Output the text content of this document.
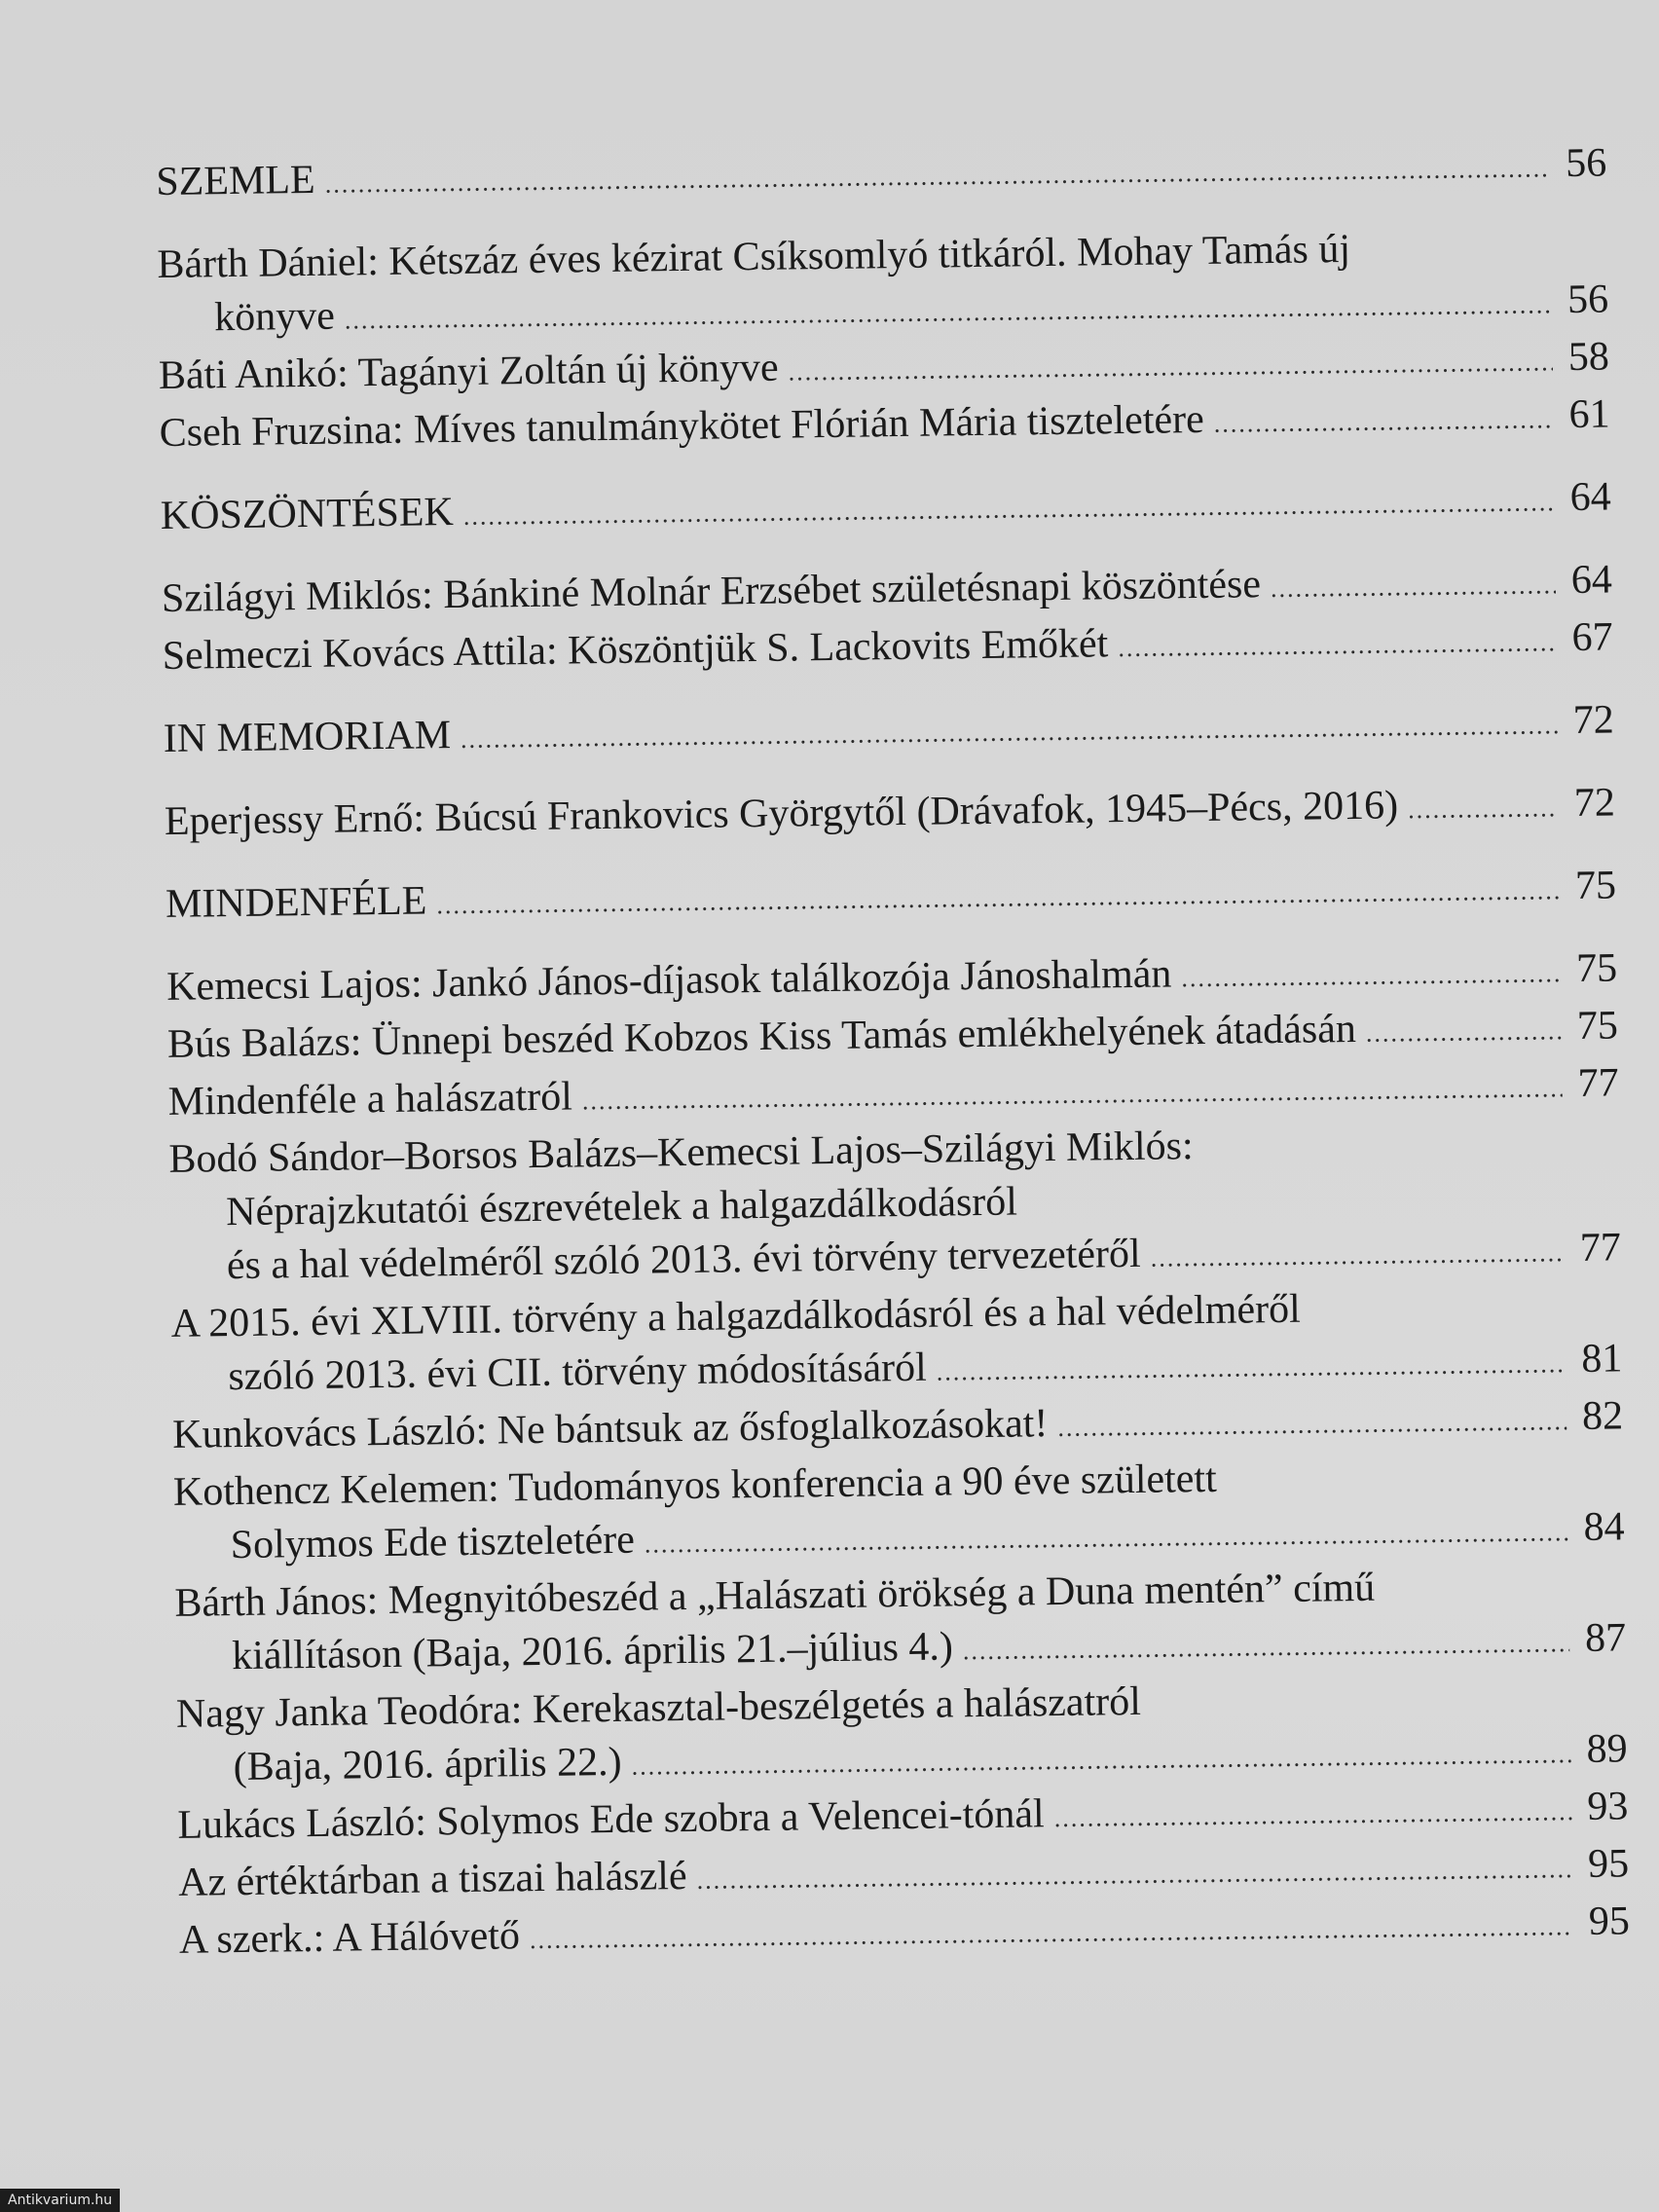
SZEMLE .....	56
Bárth Dániel: Kétszáz éves kézirat Csíksomlyó titkáról. Mohay Tamás új
könyve .....	56
Báti Anikó: Tagányi Zoltán új könyve .....	58
Cseh Fruzsina: Míves tanulmánykötet Flórián Mária tiszteletére .....	61
KÖSZÖNTÉSEK .....	64
Szilágyi Miklós: Bánkiné Molnár Erzsébet születésnapi köszöntése .....	64
Selmeczi Kovács Attila: Köszöntjük S. Lackovits Emőkét .....	67
IN MEMORIAM .....	72
Eperjessy Ernő: Búcsú Frankovics Györgytől (Drávafok, 1945–Pécs, 2016) .....	72
MINDENFÉLE .....	75
Kemecsi Lajos: Jankó János-díjasok találkozója Jánoshalmán .....	75
Bús Balázs: Ünnepi beszéd Kobzos Kiss Tamás emlékhelyének átadásán .....	75
Mindenféle a halászatról .....	77
Bodó Sándor–Borsos Balázs–Kemecsi Lajos–Szilágyi Miklós:
Néprajzkutatói észrevételek a halgazdálkodásról
és a hal védelméről szóló 2013. évi törvény tervezetéről .....	77
A 2015. évi XLVIII. törvény a halgazdálkodásról és a hal védelméről
szóló 2013. évi CII. törvény módosításáról .....	81
Kunkovács László: Ne bántsuk az ősfoglalkozásokat! .....	82
Kothencz Kelemen: Tudományos konferencia a 90 éve született
Solymos Ede tiszteletére .....	84
Bárth János: Megnyitóbeszéd a „Halászati örökség a Duna mentén” című
kiállításon (Baja, 2016. április 21.–július 4.) .....	87
Nagy Janka Teodóra: Kerekasztal-beszélgetés a halászatról
(Baja, 2016. április 22.) .....	89
Lukács László: Solymos Ede szobra a Velencei-tónál .....	93
Az értéktárban a tiszai halászlé .....	95
A szerk.: A Hálóvető .....	95
Antikvarium.hu
